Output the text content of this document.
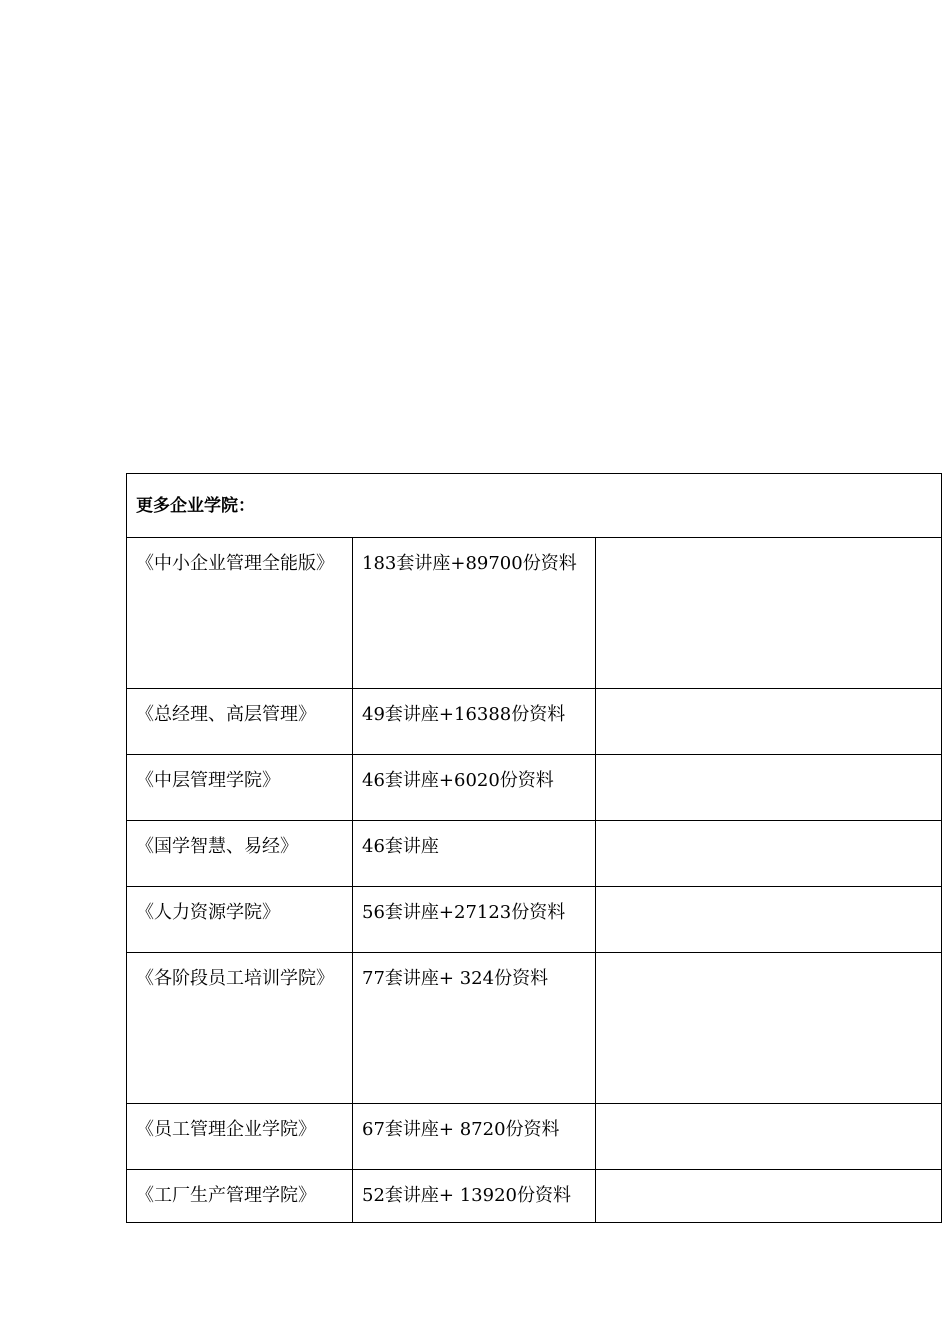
更多企业学院：		

《中小企业管理全能版》	183套讲座+89700份资料	

《总经理、高层管理》	49套讲座+16388份资料	
《中层管理学院》	46套讲座+6020份资料	
《国学智慧、易经》	46套讲座	
《人力资源学院》	56套讲座+27123份资料	

《各阶段员工培训学院》	77套讲座+ 324份资料	

《员工管理企业学院》	67套讲座+ 8720份资料	
《工厂生产管理学院》	52套讲座+ 13920份资料	
